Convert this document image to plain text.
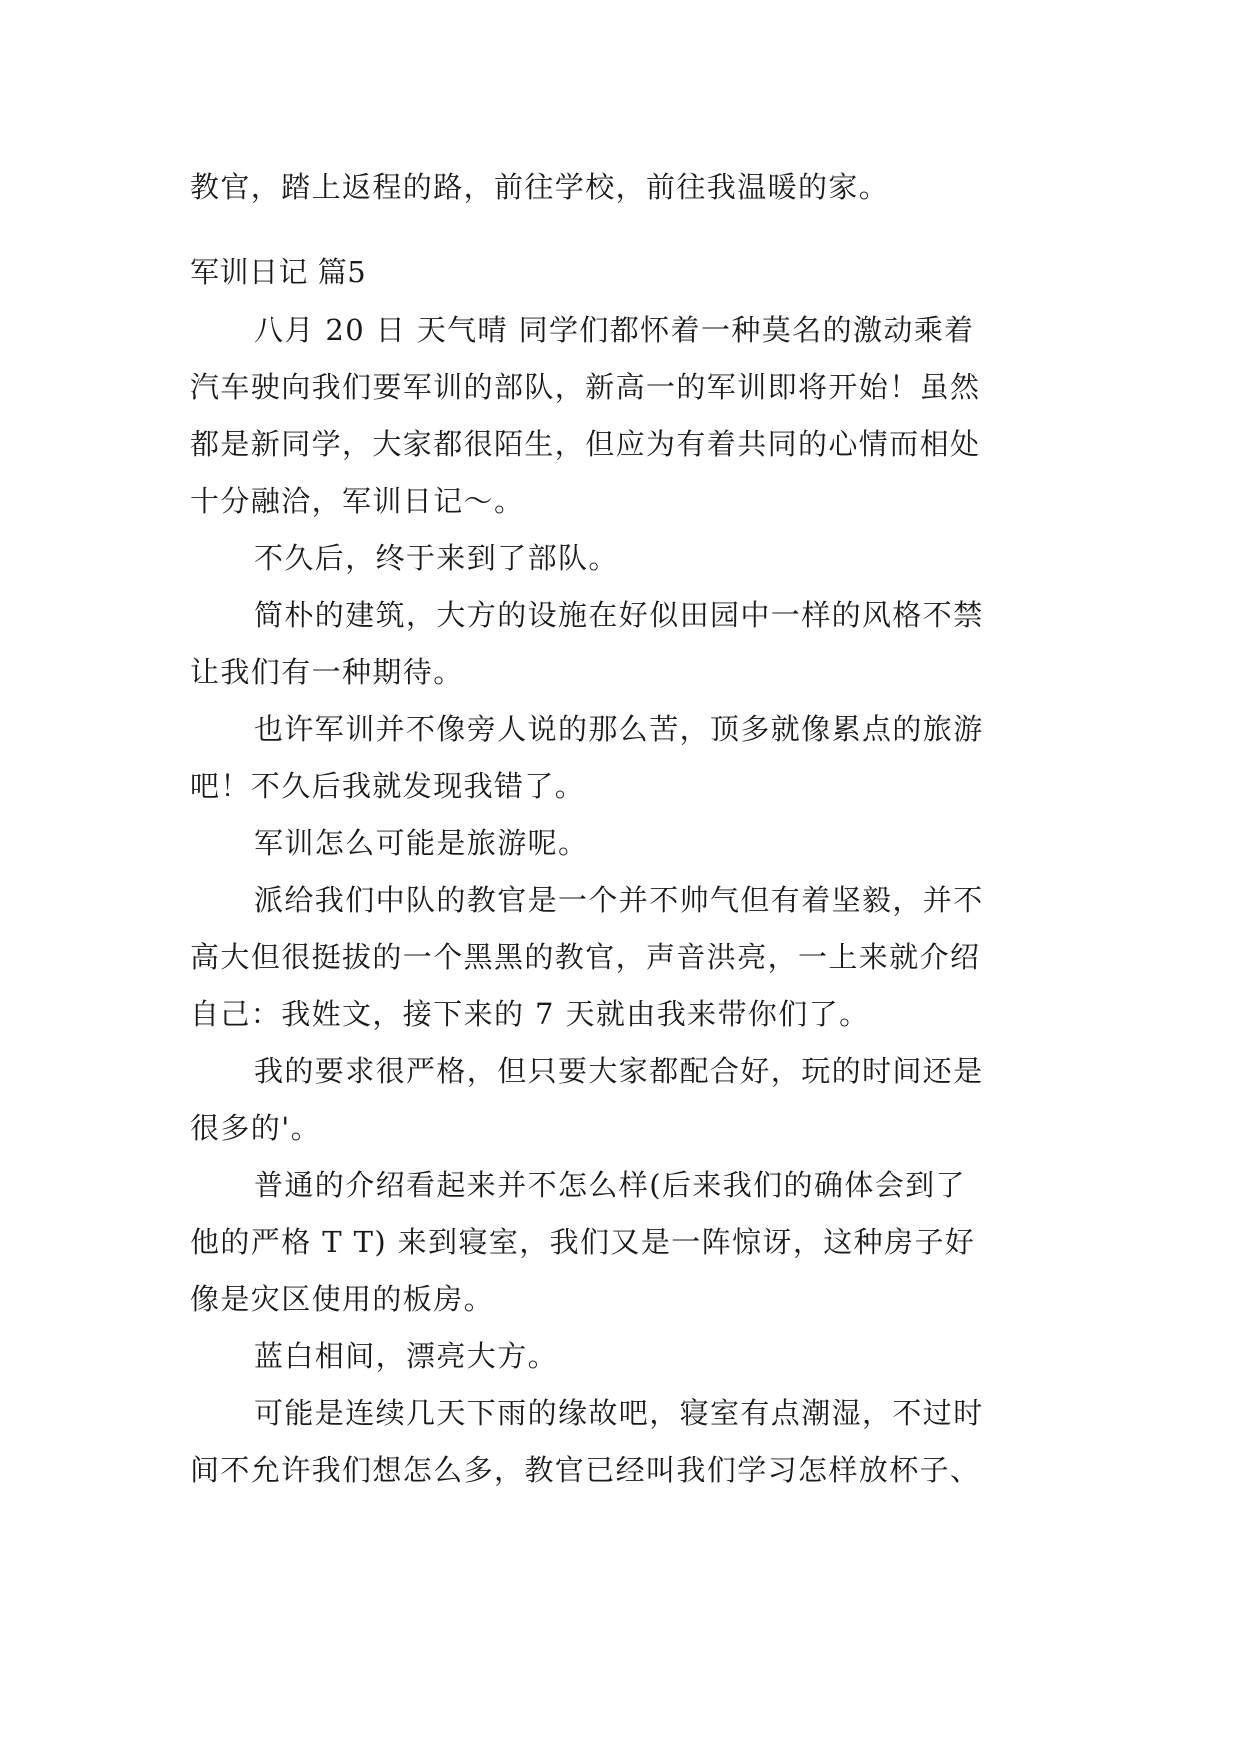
教官，踏上返程的路，前往学校，前往我温暖的家。
军训日记 篇5
八月 20 日 天气晴 同学们都怀着一种莫名的激动乘着
汽车驶向我们要军训的部队，新高一的军训即将开始！虽然
都是新同学，大家都很陌生，但应为有着共同的心情而相处
十分融洽，军训日记～。
不久后，终于来到了部队。
简朴的建筑，大方的设施在好似田园中一样的风格不禁
让我们有一种期待。
也许军训并不像旁人说的那么苦，顶多就像累点的旅游
吧！不久后我就发现我错了。
军训怎么可能是旅游呢。
派给我们中队的教官是一个并不帅气但有着坚毅，并不
高大但很挺拔的一个黑黑的教官，声音洪亮，一上来就介绍
自己：我姓文，接下来的 7 天就由我来带你们了。
我的要求很严格，但只要大家都配合好，玩的时间还是
很多的'。
普通的介绍看起来并不怎么样(后来我们的确体会到了
他的严格 T T) 来到寝室，我们又是一阵惊讶，这种房子好
像是灾区使用的板房。
蓝白相间，漂亮大方。
可能是连续几天下雨的缘故吧，寝室有点潮湿，不过时
间不允许我们想怎么多，教官已经叫我们学习怎样放杯子、
